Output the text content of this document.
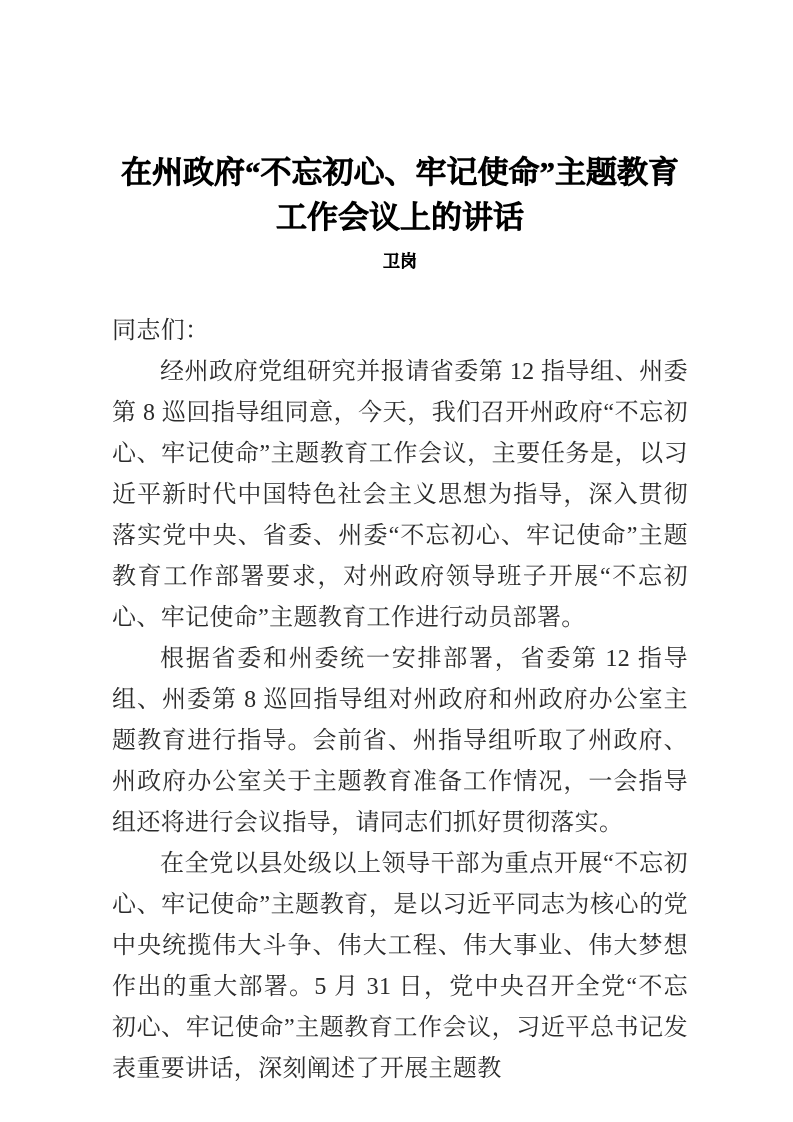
在州政府“不忘初心、牢记使命”主题教育
工作会议上的讲话
卫岗

同志们：

经州政府党组研究并报请省委第 12 指导组、州委第 8 巡回指导组同意，今天，我们召开州政府“不忘初心、牢记使命”主题教育工作会议，主要任务是，以习近平新时代中国特色社会主义思想为指导，深入贯彻落实党中央、省委、州委“不忘初心、牢记使命”主题教育工作部署要求，对州政府领导班子开展“不忘初心、牢记使命”主题教育工作进行动员部署。

根据省委和州委统一安排部署，省委第 12 指导组、州委第 8 巡回指导组对州政府和州政府办公室主题教育进行指导。会前省、州指导组听取了州政府、州政府办公室关于主题教育准备工作情况，一会指导组还将进行会议指导，请同志们抓好贯彻落实。

在全党以县处级以上领导干部为重点开展“不忘初心、牢记使命”主题教育，是以习近平同志为核心的党中央统揽伟大斗争、伟大工程、伟大事业、伟大梦想作出的重大部署。5 月 31 日，党中央召开全党“不忘初心、牢记使命”主题教育工作会议，习近平总书记发表重要讲话，深刻阐述了开展主题教
